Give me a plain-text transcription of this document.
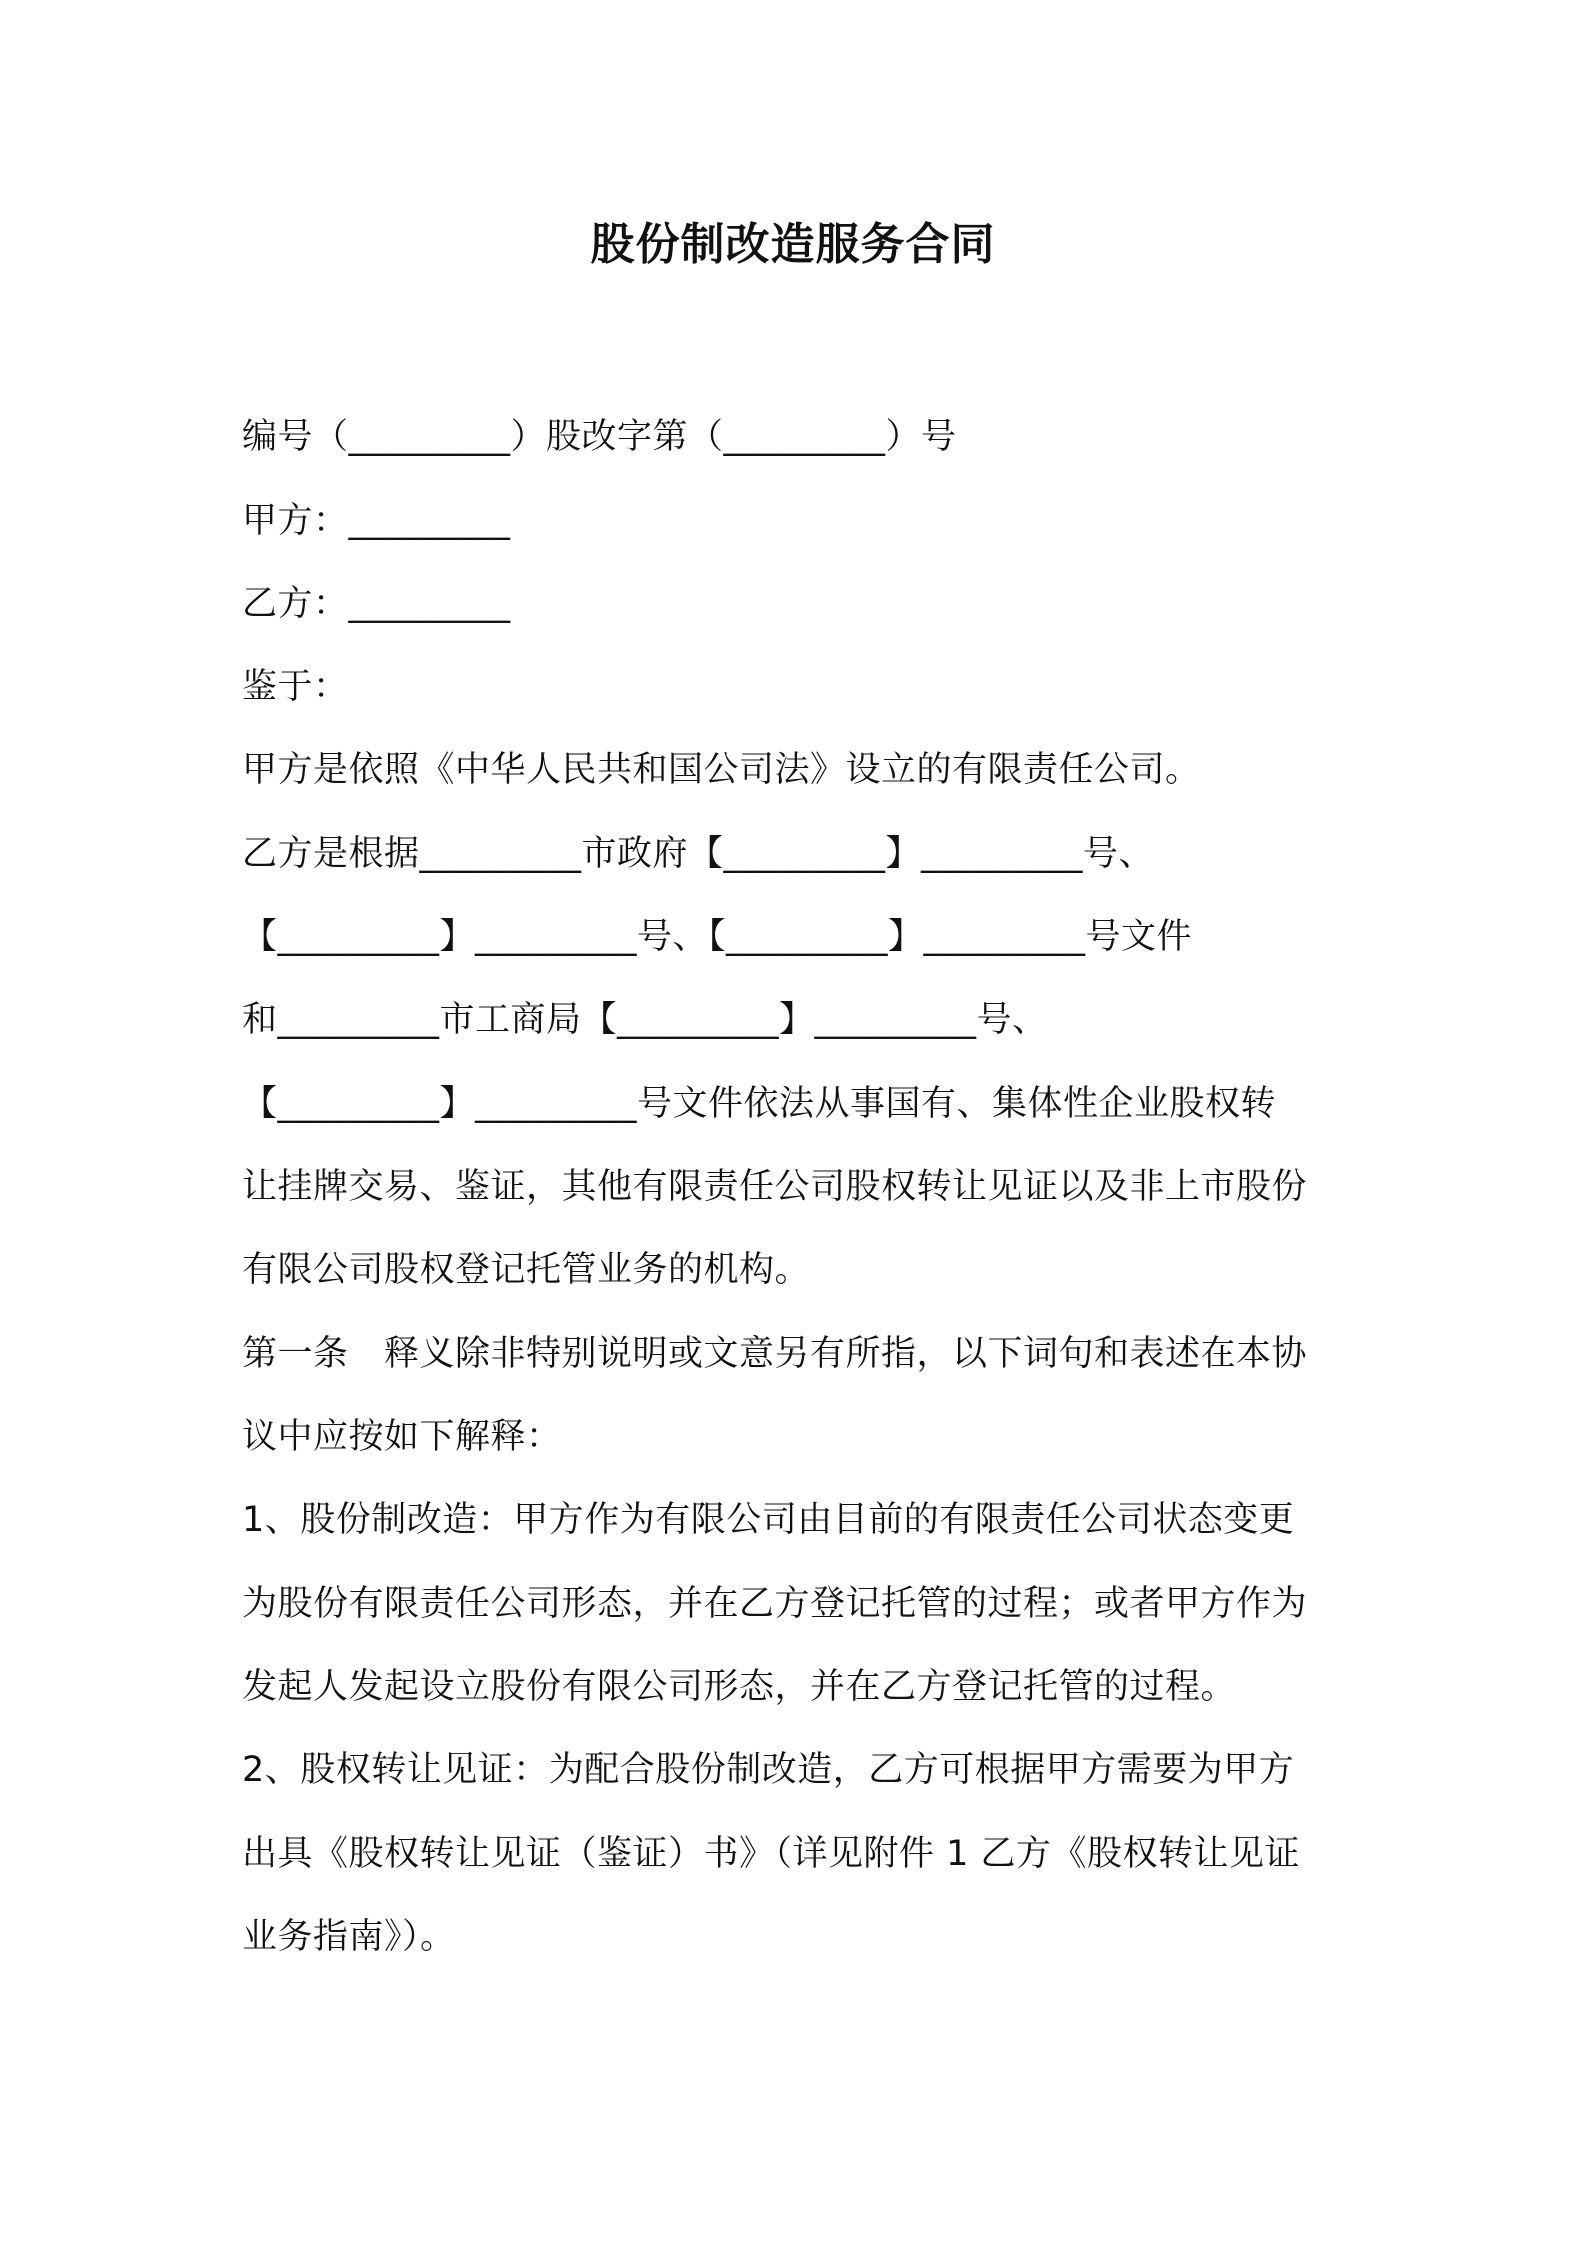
股份制改造服务合同
编号（_________）股改字第（_________）号
甲方：_________
乙方：_________
鉴于：
甲方是依照《中华人民共和国公司法》设立的有限责任公司。
乙方是根据_________市政府【_________】_________号、
【_________】_________号、【_________】_________号文件
和_________市工商局【_________】_________号、
【_________】_________号文件依法从事国有、集体性企业股权转
让挂牌交易、鉴证，其他有限责任公司股权转让见证以及非上市股份
有限公司股权登记托管业务的机构。
第一条　释义除非特别说明或文意另有所指，以下词句和表述在本协
议中应按如下解释：
1、股份制改造：甲方作为有限公司由目前的有限责任公司状态变更
为股份有限责任公司形态，并在乙方登记托管的过程；或者甲方作为
发起人发起设立股份有限公司形态，并在乙方登记托管的过程。
2、股权转让见证：为配合股份制改造，乙方可根据甲方需要为甲方
出具《股权转让见证（鉴证）书》（详见附件 1 乙方《股权转让见证
业务指南》）。
